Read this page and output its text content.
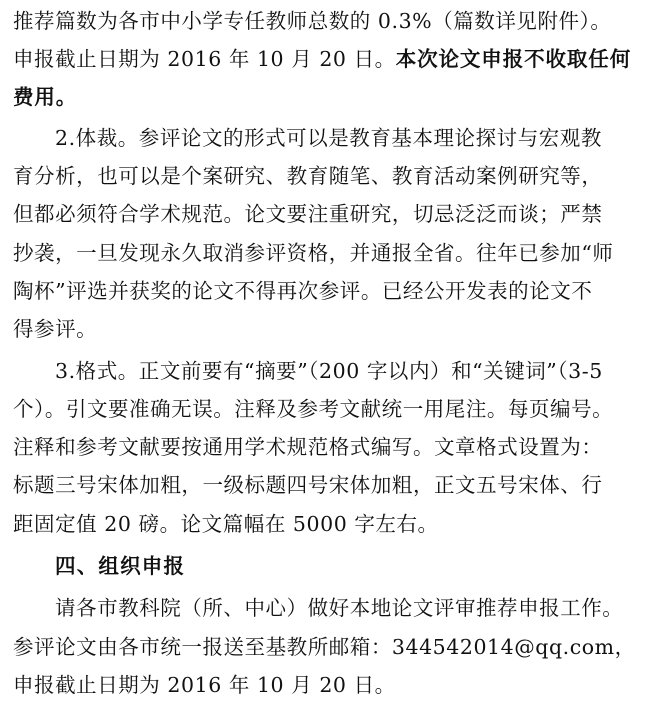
推荐篇数为各市中小学专任教师总数的 0.3%（篇数详见附件）。
申报截止日期为 2016 年 10 月 20 日。本次论文申报不收取任何
费用。
2.体裁。参评论文的形式可以是教育基本理论探讨与宏观教
育分析，也可以是个案研究、教育随笔、教育活动案例研究等，
但都必须符合学术规范。论文要注重研究，切忌泛泛而谈；严禁
抄袭，一旦发现永久取消参评资格，并通报全省。往年已参加“师
陶杯”评选并获奖的论文不得再次参评。已经公开发表的论文不
得参评。
3.格式。正文前要有“摘要”（200 字以内）和“关键词”（3-5
个）。引文要准确无误。注释及参考文献统一用尾注。每页编号。
注释和参考文献要按通用学术规范格式编写。文章格式设置为：
标题三号宋体加粗，一级标题四号宋体加粗，正文五号宋体、行
距固定值 20 磅。论文篇幅在 5000 字左右。
四、组织申报
请各市教科院（所、中心）做好本地论文评审推荐申报工作。
参评论文由各市统一报送至基教所邮箱：344542014@qq.com，
申报截止日期为 2016 年 10 月 20 日。
